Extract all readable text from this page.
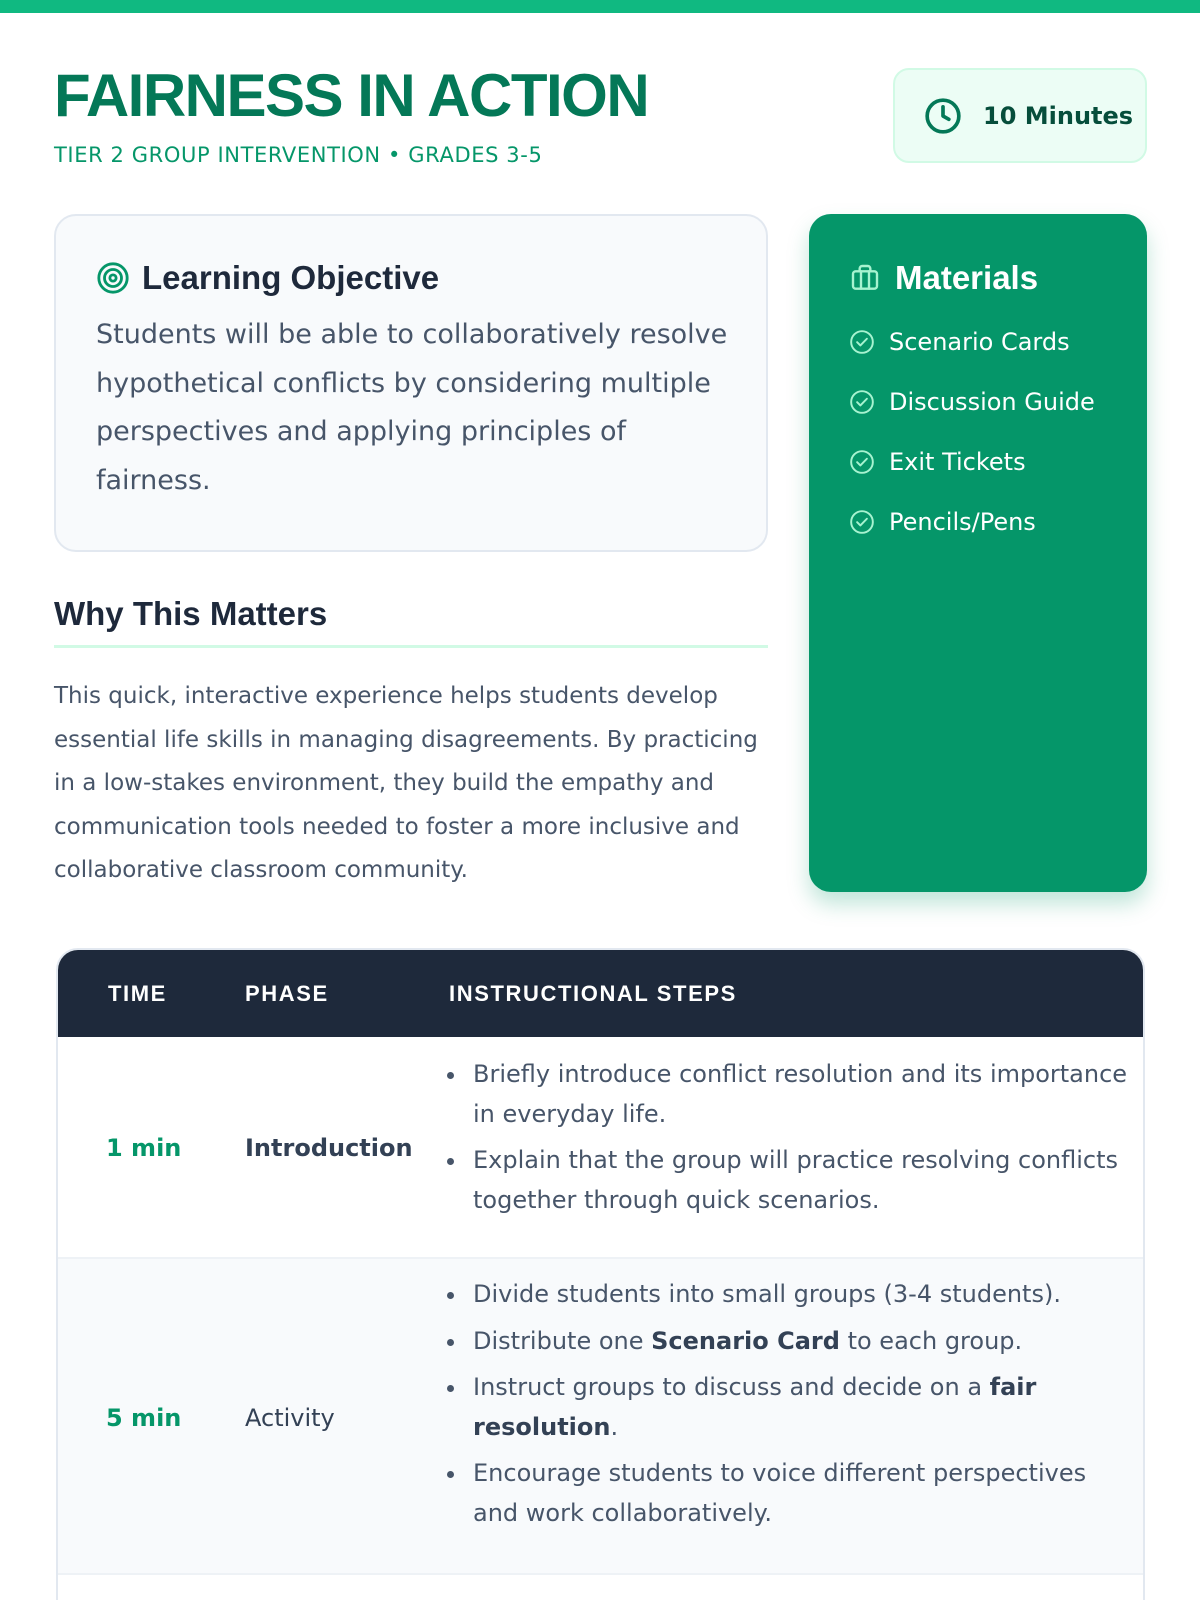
FAIRNESS IN ACTION
TIER 2 GROUP INTERVENTION • GRADES 3-5
10 Minutes
Learning Objective

Students will be able to collaboratively resolve hypothetical conflicts by considering multiple perspectives and applying principles of fairness.

Why This Matters

This quick, interactive experience helps students develop essential life skills in managing disagreements. By practicing in a low-stakes environment, they build the empathy and communication tools needed to foster a more inclusive and collaborative classroom community.

Materials
Scenario Cards
Discussion Guide
Exit Tickets
Pencils/Pens
TIME	PHASE	INSTRUCTIONAL STEPS
1 min	Introduction
Briefly introduce conflict resolution and its importance in everyday life.
Explain that the group will practice resolving conflicts together through quick scenarios.
5 min	Activity
Divide students into small groups (3-4 students).
Distribute one Scenario Card to each group.
Instruct groups to discuss and decide on a fair resolution.
Encourage students to voice different perspectives and work collaboratively.
